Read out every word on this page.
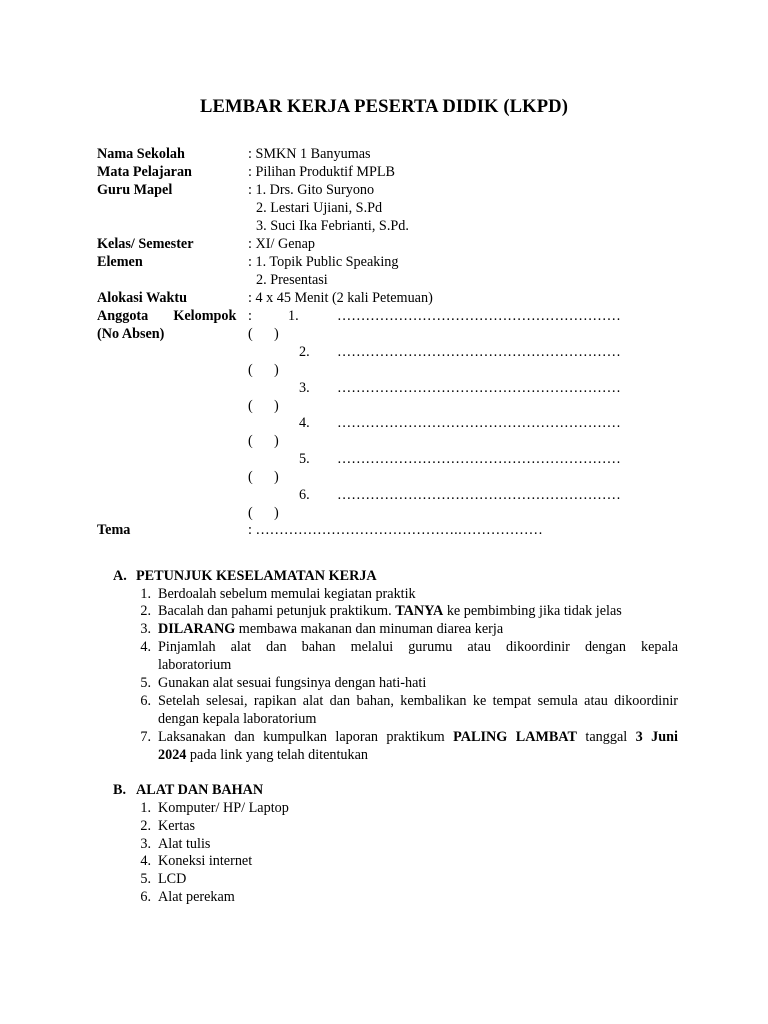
LEMBAR KERJA PESERTA DIDIK (LKPD)
Nama Sekolah	: SMKN 1 Banyumas
Mata Pelajaran	: Pilihan Produktif MPLB
Guru Mapel	: 1. Drs. Gito Suryono
2. Lestari Ujiani, S.Pd
3. Suci Ika Febrianti, S.Pd.
Kelas/ Semester	: XI/ Genap
Elemen	: 1. Topik Public Speaking
2. Presentasi
Alokasi Waktu	: 4 x 45 Menit (2 kali Petemuan)
Anggota Kelompok
(No Absen)
:	1.	……………………………………………………
(  )
2. ……………………………………………………
(  )
3. ……………………………………………………
(  )
4. ……………………………………………………
(  )
5. ……………………………………………………
(  )
6. ……………………………………………………
(  )
Tema	: …………………………………….………………
A. PETUNJUK KESELAMATAN KERJA
1. Berdoalah sebelum memulai kegiatan praktik
2. Bacalah dan pahami petunjuk praktikum. TANYA ke pembimbing jika tidak jelas
3. DILARANG membawa makanan dan minuman diarea kerja
4. Pinjamlah alat dan bahan melalui gurumu atau dikoordinir dengan kepala
laboratorium
5. Gunakan alat sesuai fungsinya dengan hati-hati
6. Setelah selesai, rapikan alat dan bahan, kembalikan ke tempat semula atau dikoordinir
dengan kepala laboratorium
7. Laksanakan dan kumpulkan laporan praktikum PALING LAMBAT tanggal 3 Juni
2024 pada link yang telah ditentukan
B. ALAT DAN BAHAN
1. Komputer/ HP/ Laptop
2. Kertas
3. Alat tulis
4. Koneksi internet
5. LCD
6. Alat perekam
